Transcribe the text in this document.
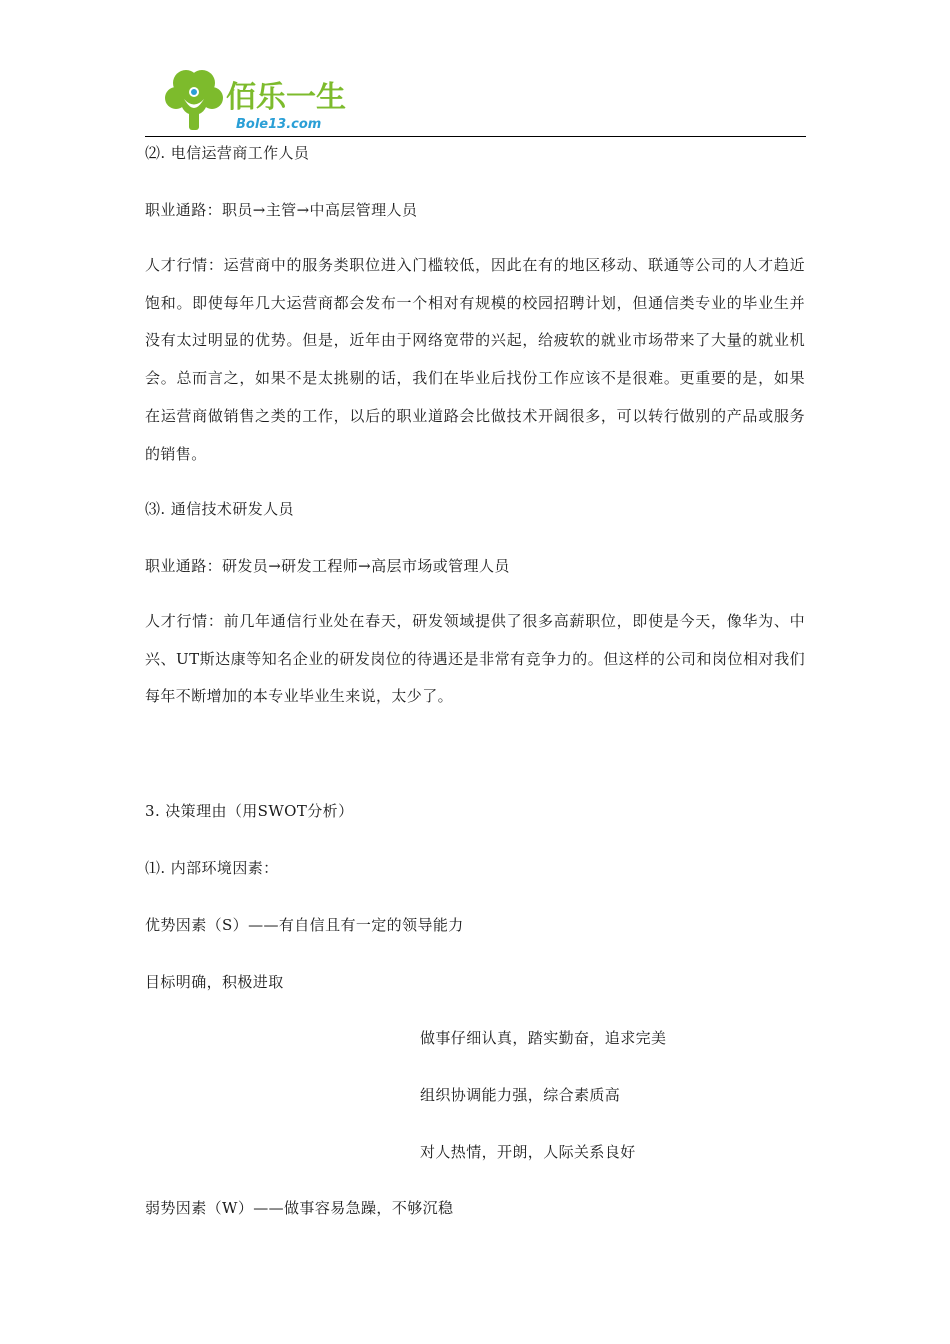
佰乐一生
Bole13.com
⑵. 电信运营商工作人员
职业通路：职员→主管→中高层管理人员
人才行情：运营商中的服务类职位进入门槛较低，因此在有的地区移动、联通等公司的人才趋近饱和。即使每年几大运营商都会发布一个相对有规模的校园招聘计划，但通信类专业的毕业生并没有太过明显的优势。但是，近年由于网络宽带的兴起，给疲软的就业市场带来了大量的就业机会。总而言之，如果不是太挑剔的话，我们在毕业后找份工作应该不是很难。更重要的是，如果在运营商做销售之类的工作，以后的职业道路会比做技术开阔很多，可以转行做别的产品或服务的销售。
⑶. 通信技术研发人员
职业通路：研发员→研发工程师→高层市场或管理人员
人才行情：前几年通信行业处在春天，研发领域提供了很多高薪职位，即使是今天，像华为、中兴、UT斯达康等知名企业的研发岗位的待遇还是非常有竞争力的。但这样的公司和岗位相对我们每年不断增加的本专业毕业生来说，太少了。
3. 决策理由（用SWOT分析）
⑴. 内部环境因素：
优势因素（S）——有自信且有一定的领导能力
目标明确，积极进取
做事仔细认真，踏实勤奋，追求完美
组织协调能力强，综合素质高
对人热情，开朗，人际关系良好
弱势因素（W）——做事容易急躁，不够沉稳
